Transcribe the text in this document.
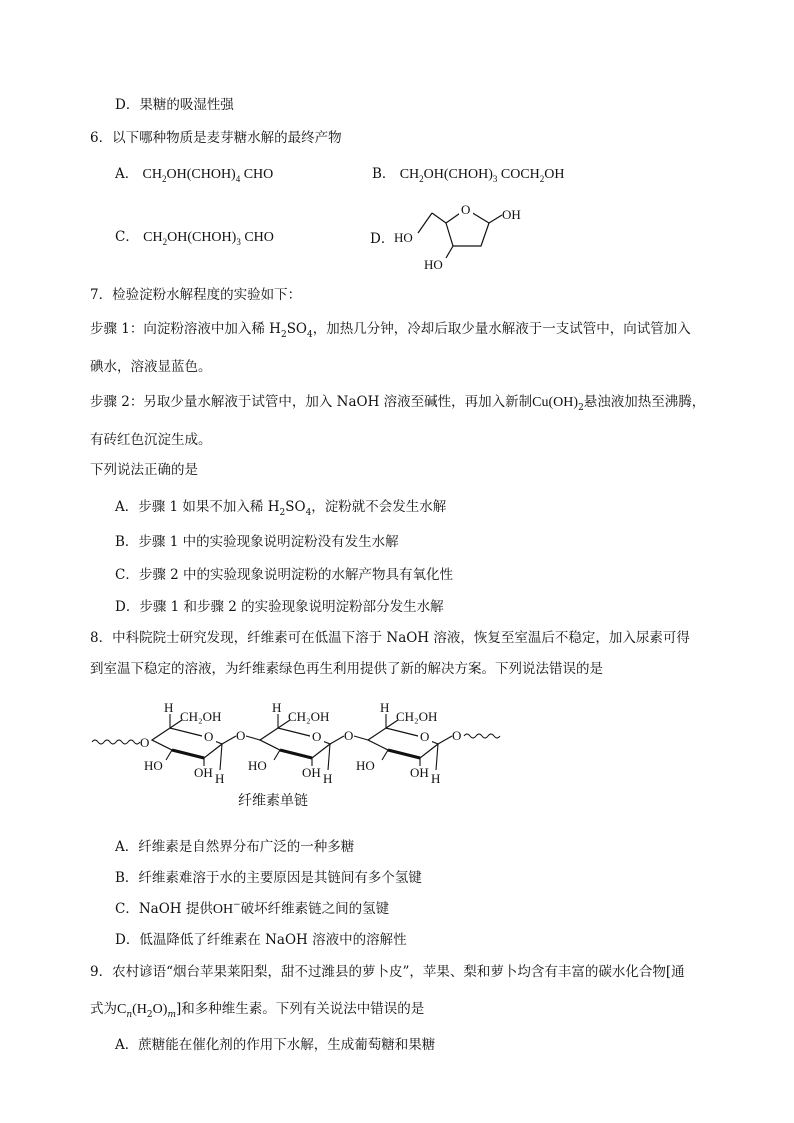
D．果糖的吸湿性强
6．以下哪种物质是麦芽糖水解的最终产物
A． $CH_2OH(CHOH)_4$ CHO	B． $CH_2OH(CHOH)_3$ $COCH_2OH$
C． $CH_2OH(CHOH)_3$ CHO	D．
O OH
HO
HO
7．检验淀粉水解程度的实验如下：
步骤 1：向淀粉溶液中加入稀 $H_2SO_4$，加热几分钟，冷却后取少量水解液于一支试管中，向试管加入
碘水，溶液显蓝色。
步骤 2：另取少量水解液于试管中，加入 NaOH 溶液至碱性，再加入新制$Cu(OH)_2$悬浊液加热至沸腾，
有砖红色沉淀生成。
下列说法正确的是
A．步骤 1 如果不加入稀 $H_2SO_4$，淀粉就不会发生水解
B．步骤 1 中的实验现象说明淀粉没有发生水解
C．步骤 2 中的实验现象说明淀粉的水解产物具有氧化性
D．步骤 1 和步骤 2 的实验现象说明淀粉部分发生水解
8．中科院院士研究发现，纤维素可在低温下溶于 NaOH 溶液，恢复至室温后不稳定，加入尿素可得
到室温下稳定的溶液，为纤维素绿色再生利用提供了新的解决方案。下列说法错误的是
O	O
H
CH₂OH
HO OH H
O	O
H
CH₂OH
HO	OH H
O	O
H
CH₂OH
HO	OH H
O
纤维素单链
A．纤维素是自然界分布广泛的一种多糖
B．纤维素难溶于水的主要原因是其链间有多个氢键
C．NaOH 提供OH−破坏纤维素链之间的氢键
D．低温降低了纤维素在 NaOH 溶液中的溶解性
9．农村谚语“烟台苹果莱阳梨，甜不过潍县的萝卜皮”，苹果、梨和萝卜均含有丰富的碳水化合物[通
式为$C_n(H_2O)_m$]和多种维生素。下列有关说法中错误的是
A．蔗糖能在催化剂的作用下水解，生成葡萄糖和果糖
